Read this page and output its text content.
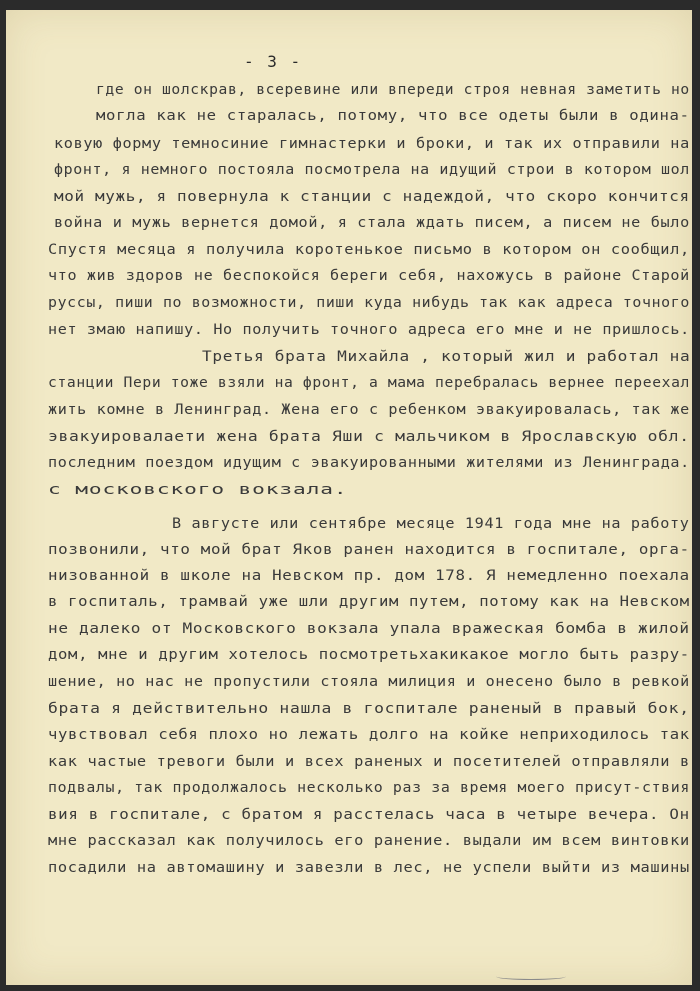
- 3 -
где он шолскрав, всеревине или впереди строя невная заметить но
могла как не старалась, потому, что все одеты были в одина-
ковую форму темносиние гимнастерки и броки, и так их отправили на
фронт, я немного постояла посмотрела на идущий строи в котором шол
мой мужь, я повернула к станции с надеждой, что скоро кончится
война и мужь вернется домой, я стала ждать писем, а писем не было
Спустя месяца я получила коротенькое письмо в котором он сообщил,
что жив здоров не беспокойся береги себя, нахожусь в районе Старой
руссы, пиши по возможности, пиши куда нибудь так как адреса точного
нет змаю напишу. Но получить точного адреса его мне и не пришлось.
Третья брата Михайла , который жил и работал на
станции Пери тоже взяли на фронт, а мама перебралась вернее переехал
жить комне в Ленинград. Жена его с ребенком эвакуировалась, так же
эвакуировалаети жена брата Яши с мальчиком в Ярославскую обл.
последним поездом идущим с эвакуированными жителями из Ленинграда.
с московского вокзала.
В августе или сентябре месяце 1941 года мне на работу
позвонили, что мой брат Яков ранен находится в госпитале, орга-
низованной в школе на Невском пр. дом 178. Я немедленно поехала
в госпиталь, трамвай уже шли другим путем, потому как на Невском
не далеко от Московского вокзала упала вражеская бомба в жилой
дом, мне и другим хотелось посмотретьхакикакое могло быть разру-
шение, но нас не пропустили стояла милиция и онесено было в ревкой
брата я действительно нашла в госпитале раненый в правый бок,
чувствовал себя плохо но лежать долго на койке неприходилось так
как частые тревоги были и всех раненых и посетителей отправляли в
подвалы, так продолжалось несколько раз за время моего присут-ствия
вия в госпитале, с братом я расстелась часа в четыре вечера. Он
мне рассказал как получилось его ранение. выдали им всем винтовки
посадили на автомашину и завезли в лес, не успели выйти из машины
